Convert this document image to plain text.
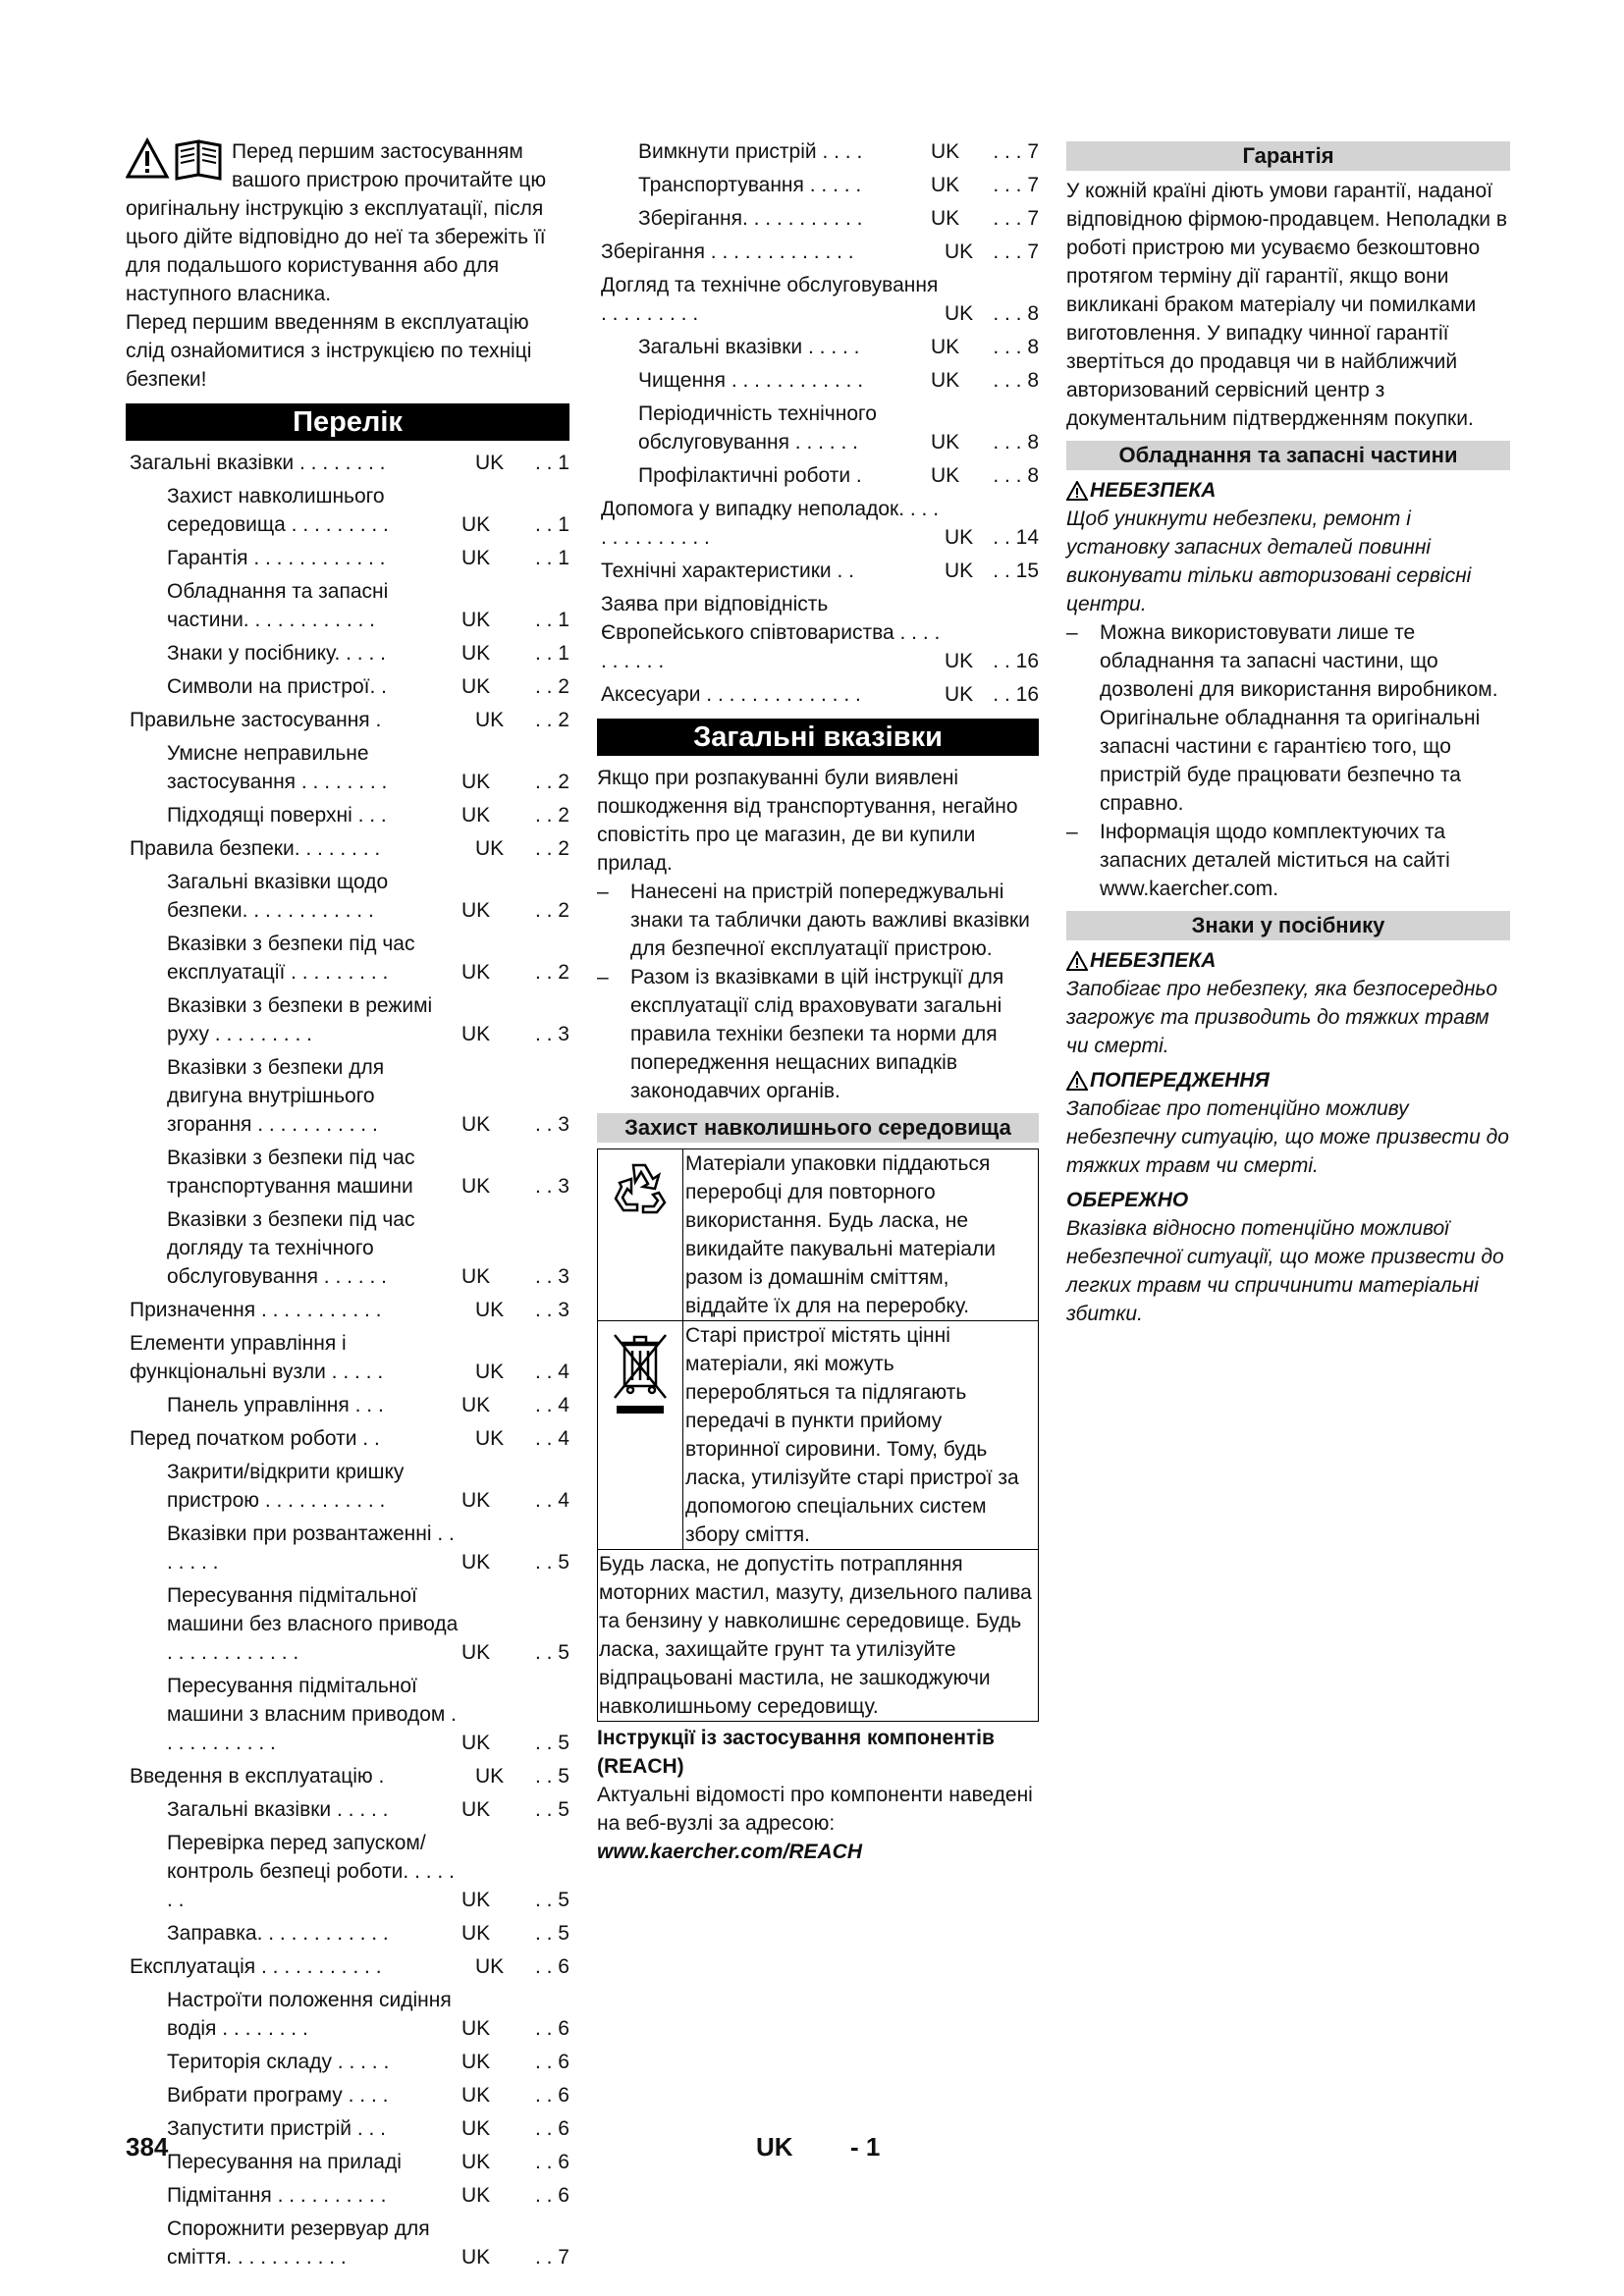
Перед першим застосуванням вашого пристрою прочитайте цю оригінальну інструкцію з експлуатації, після цього дійте відповідно до неї та збережіть її для подальшого користування або для наступного власника.

Перед першим введенням в експлуатацію слід ознайомитися з інструкцією по техніці безпеки!

Перелік
Загальні вказівки . . . . . . . .	UK	. . 1
Захист навколишнього середовища . . . . . . . . .	UK	. . 1
Гарантія . . . . . . . . . . . .	UK	. . 1
Обладнання та запасні частини. . . . . . . . . . . .	UK	. . 1
Знаки у посібнику. . . . .	UK	. . 1
Символи на пристрої. .	UK	. . 2
Правильне застосування .	UK	. . 2
Умисне неправильне застосування . . . . . . . .	UK	. . 2
Підходящі поверхні . . .	UK	. . 2
Правила безпеки. . . . . . . .	UK	. . 2
Загальні вказівки щодо безпеки. . . . . . . . . . . .	UK	. . 2
Вказівки з безпеки під час експлуатації . . . . . . . . .	UK	. . 2
Вказівки з безпеки в режимі руху . . . . . . . . .	UK	. . 3
Вказівки з безпеки для двигуна внутрішнього згорання . . . . . . . . . . .	UK	. . 3
Вказівки з безпеки під час транспортування машини	UK	. . 3
Вказівки з безпеки під час догляду та технічного обслуговування . . . . . .	UK	. . 3
Призначення . . . . . . . . . . .	UK	. . 3
Елементи управління і функціональні вузли . . . . .	UK	. . 4
Панель управління . . .	UK	. . 4
Перед початком роботи . .	UK	. . 4
Закрити/відкрити кришку пристрою . . . . . . . . . . .	UK	. . 4
Вказівки при розвантаженні . . . . . . .	UK	. . 5
Пересування підмітальної машини без власного привода . . . . . . . . . . . .	UK	. . 5
Пересування підмітальної машини з власним приводом . . . . . . . . . . .	UK	. . 5
Введення в експлуатацію .	UK	. . 5
Загальні вказівки . . . . .	UK	. . 5
Перевірка перед запуском/контроль безпеці роботи. . . . . . .	UK	. . 5
Заправка. . . . . . . . . . . .	UK	. . 5
Експлуатація . . . . . . . . . . .	UK	. . 6
Настроїти положення сидіння водія . . . . . . . .	UK	. . 6
Територія складу . . . . .	UK	. . 6
Вибрати програму . . . .	UK	. . 6
Запустити пристрій . . .	UK	. . 6
Пересування на приладі	UK	. . 6
Підмітання . . . . . . . . . .	UK	. . 6
Спорожнити резервуар для сміття. . . . . . . . . . .	UK	. . 7
Вимкнути пристрій . . . .	UK	. . . 7
Транспортування . . . . .	UK	. . . 7
Зберігання. . . . . . . . . . .	UK	. . . 7
Зберігання . . . . . . . . . . . . .	UK . . . 7
Догляд та технічне обслуговування . . . . . . . . .	UK . . . 8
Загальні вказівки . . . . .	UK	. . . 8
Чищення . . . . . . . . . . . .	UK	. . . 8
Періодичність технічного обслуговування . . . . . .	UK	. . . 8
Профілактичні роботи .	UK	. . . 8
Допомога у випадку неполадок. . . . . . . . . . . . . .	UK . . 14
Технічні характеристики . .	UK . . 15
Заява при відповідність Європейського співтовариства . . . . . . . . . .	UK . . 16
Аксесуари . . . . . . . . . . . . . .	UK . . 16
Загальні вказівки

Якщо при розпакуванні були виявлені пошкодження від транспортування, негайно сповістіть про це магазин, де ви купили прилад.

– Нанесені на пристрій попереджувальні знаки та таблички дають важливі вказівки для безпечної експлуатації пристрою.
– Разом із вказівками в цій інструкції для експлуатації слід враховувати загальні правила техніки безпеки та норми для попередження нещасних випадків законодавчих органів.
Захист навколишнього середовища
	Матеріали упаковки піддаються переробці для повторного використання. Будь ласка, не викидайте пакувальні матеріали разом із домашнім сміттям, віддайте їх для на переробку.
	Старі пристрої містять цінні матеріали, які можуть переробляться та підлягають передачі в пункти прийому вторинної сировини. Тому, будь ласка, утилізуйте старі пристрої за допомогою спеціальних систем збору сміття.
Будь ласка, не допустіть потрапляння моторних мастил, мазуту, дизельного палива та бензину у навколишнє середовище. Будь ласка, захищайте грунт та утилізуйте відпрацьовані мастила, не зашкоджуючи навколишньому середовищу.	

Інструкції із застосування компонентів (REACH)

Актуальні відомості про компоненти наведені на веб-вузлі за адресою:

www.kaercher.com/REACH

Гарантія

У кожній країні діють умови гарантії, наданої відповідною фірмою-продавцем. Неполадки в роботі пристрою ми усуваємо безкоштовно протягом терміну дії гарантії, якщо вони викликані браком матеріалу чи помилками виготовлення. У випадку чинної гарантії звертіться до продавця чи в найближчий авторизований сервісний центр з документальним підтвердженням покупки.

Обладнання та запасні частини
НЕБЕЗПЕКА

Щоб уникнути небезпеки, ремонт і установку запасних деталей повинні виконувати тільки авторизовані сервісні центри.

– Можна використовувати лише те обладнання та запасні частини, що дозволені для використання виробником. Оригінальне обладнання та оригінальні запасні частини є гарантією того, що пристрій буде працювати безпечно та справно.
– Інформація щодо комплектуючих та запасних деталей міститься на сайті www.kaercher.com.
Знаки у посібнику
НЕБЕЗПЕКА

Запобігає про небезпеку, яка безпосередньо загрожує та призводить до тяжких травм чи смерті.

ПОПЕРЕДЖЕННЯ

Запобігає про потенційно можливу небезпечну ситуацію, що може призвести до тяжких травм чи смерті.

ОБЕРЕЖНО

Вказівка відносно потенційно можливої небезпечної ситуації, що може призвести до легких травм чи спричинити матеріальні збитки.

384	UK - 1
